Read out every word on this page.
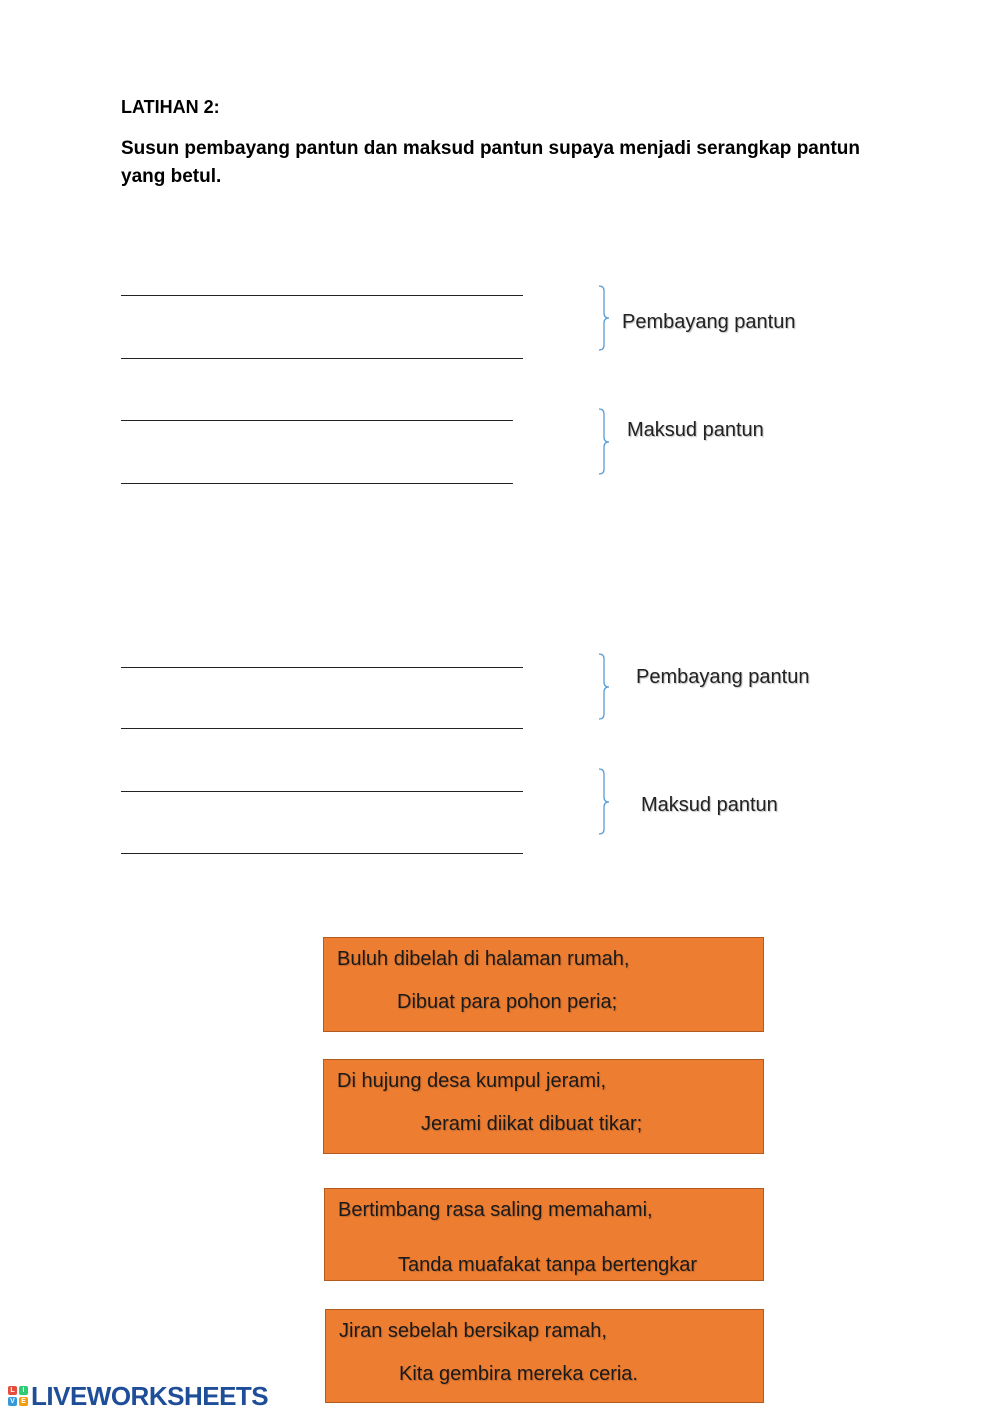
LATIHAN 2:
Susun pembayang pantun dan maksud pantun supaya menjadi serangkap pantun yang betul.
Pembayang pantun
Maksud pantun
Pembayang pantun
Maksud pantun
Buluh dibelah di halaman rumah,
Dibuat para pohon peria;
Di hujung desa kumpul jerami,
Jerami diikat dibuat tikar;
Bertimbang rasa saling memahami,
Tanda muafakat tanpa bertengkar
Jiran sebelah bersikap ramah,
Kita gembira mereka ceria.
L	I
V E LIVEWORKSHEETS
